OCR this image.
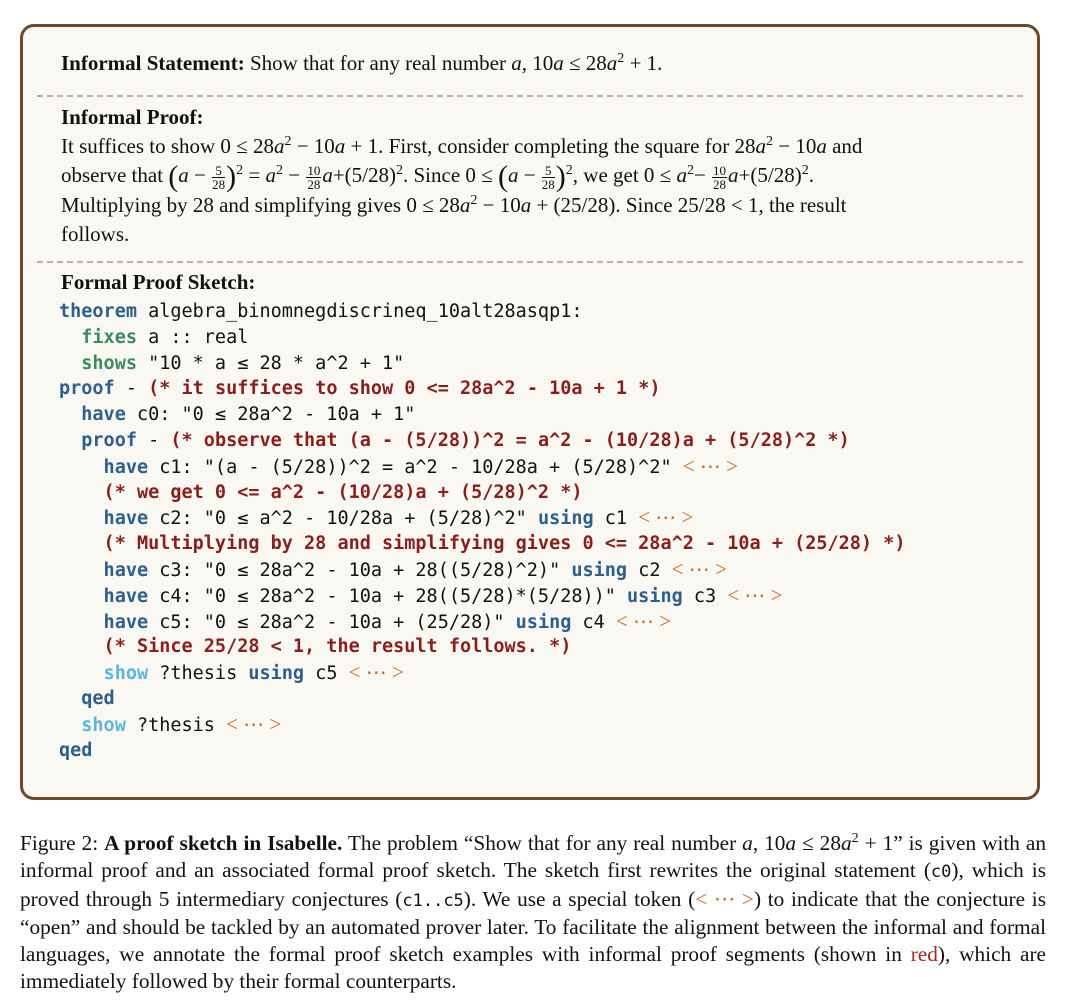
Informal Statement: Show that for any real number a, $10a \le 28a^2 + 1$.
Informal Proof:
It suffices to show $0 \le 28a^2 - 10a + 1$. First, consider completing the square for $28a^2 - 10a$ and
observe that $(a - \frac{5}{28} )^2 = a^2 - \frac{10}{28} a+(5/28)^2$. Since $0 \le (a - \frac{5}{28} )^2$, we get $0 \le a^2- \frac{10}{28} a+(5/28)^2$.
Multiplying by 28 and simplifying gives $0 \le 28a^2 - 10a + (25/28)$. Since 25/28 < 1, the result
follows.
Formal Proof Sketch:
theorem algebra_binomnegdiscrineq_10alt28asqp1:
fixes a :: real
shows "10 * a ≤ 28 * a^2 + 1"
proof - (* it suffices to show 0 <= 28a^2 - 10a + 1 *)
have c0: "0 ≤ 28a^2 - 10a + 1"
proof - (* observe that (a - (5/28))^2 = a^2 - (10/28)a + (5/28)^2 *)
have c1: "(a - (5/28))^2 = a^2 - 10/28a + (5/28)^2" < ⋯ >
(* we get 0 <= a^2 - (10/28)a + (5/28)^2 *)
have c2: "0 ≤ a^2 - 10/28a + (5/28)^2" using c1 < ⋯ >
(* Multiplying by 28 and simplifying gives 0 <= 28a^2 - 10a + (25/28) *)
have c3: "0 ≤ 28a^2 - 10a + 28((5/28)^2)" using c2 < ⋯ >
have c4: "0 ≤ 28a^2 - 10a + 28((5/28)*(5/28))" using c3 < ⋯ >
have c5: "0 ≤ 28a^2 - 10a + (25/28)" using c4 < ⋯ >
(* Since 25/28 < 1, the result follows. *)
show ?thesis using c5 < ⋯ >
qed
show ?thesis < ⋯ >
qed
Figure 2: A proof sketch in Isabelle. The problem “Show that for any real number a, $10a \le 28a^2 + 1$” is given with an informal proof and an associated formal proof sketch. The sketch first rewrites the original statement (c0), which is proved through 5 intermediary conjectures (c1..c5). We use a special token (< ⋯ >) to indicate that the conjecture is “open” and should be tackled by an automated prover later. To facilitate the alignment between the informal and formal languages, we annotate the formal proof sketch examples with informal proof segments (shown in red), which are immediately followed by their formal counterparts.
